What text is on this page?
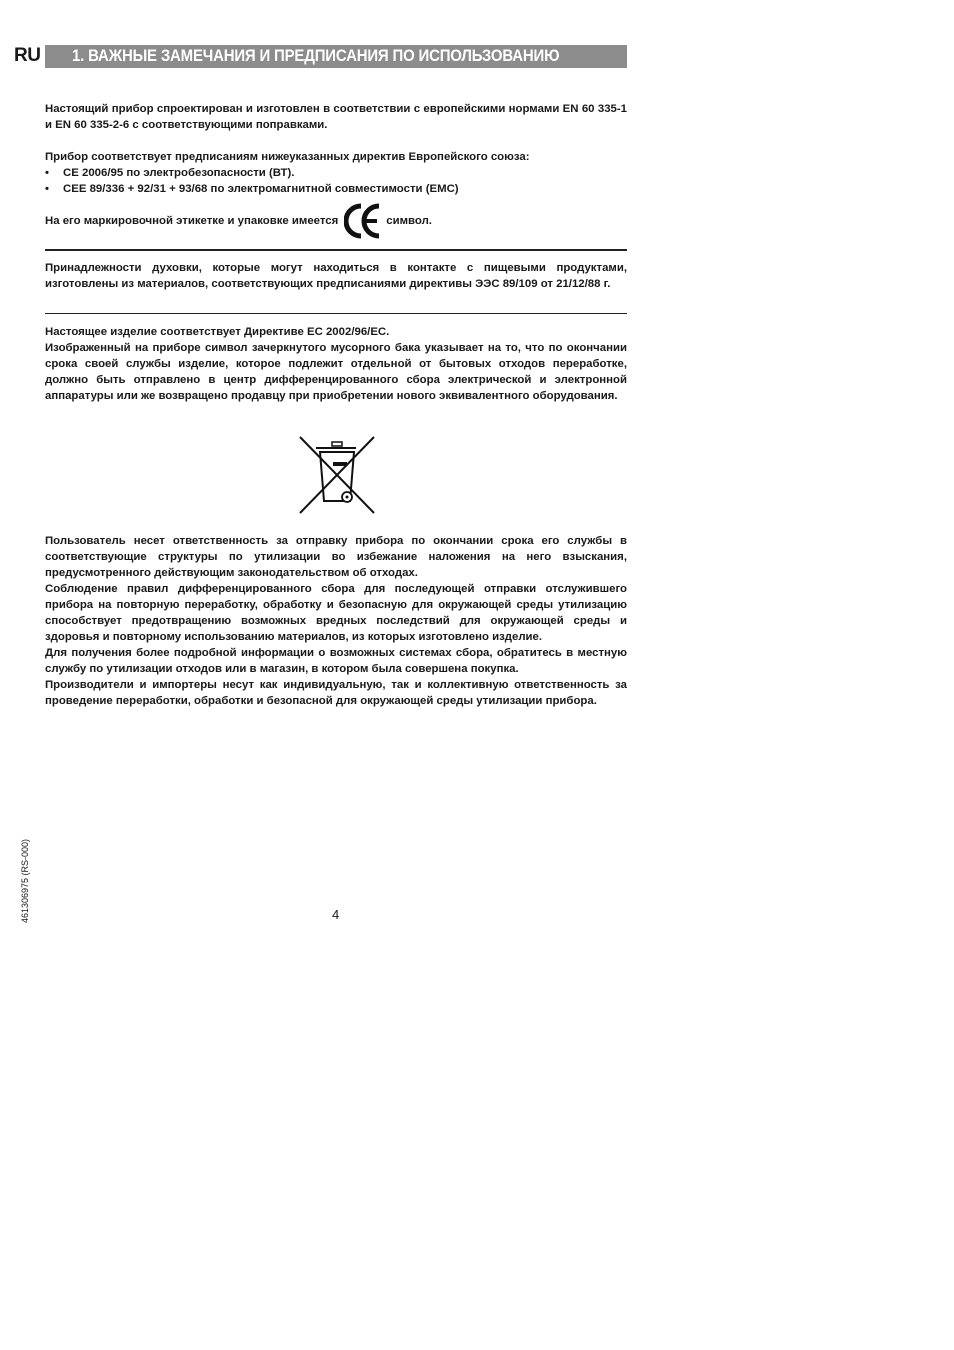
RU 1. ВАЖНЫЕ ЗАМЕЧАНИЯ И ПРЕДПИСАНИЯ ПО ИСПОЛЬЗОВАНИЮ
Настоящий прибор спроектирован и изготовлен в соответствии с европейскими нормами EN 60 335-1 и EN 60 335-2-6 с соответствующими поправками.

Прибор соответствует предписаниям нижеуказанных директив Европейского союза:

•	CE 2006/95 по электробезопасности (ВТ).
•	CEE 89/336 + 92/31 + 93/68 по электромагнитной совместимости (ЕМС)
На его маркировочной этикетке и упаковке имеется	символ.
Принадлежности духовки, которые могут находиться в контакте с пищевыми продуктами, изготовлены из материалов, соответствующих предписаниями директивы ЭЭС 89/109 от 21/12/88 г.

Настоящее изделие соответствует Директиве ЕС 2002/96/ЕС.

Изображенный на приборе символ зачеркнутого мусорного бака указывает на то, что по окончании срока своей службы изделие, которое подлежит отдельной от бытовых отходов переработке, должно быть отправлено в центр дифференцированного сбора электрической и электронной аппаратуры или же возвращено продавцу при приобретении нового эквивалентного оборудования.

Пользователь несет ответственность за отправку прибора по окончании срока его службы в соответствующие структуры по утилизации во избежание наложения на него взыскания, предусмотренного действующим законодательством об отходах.

Соблюдение правил дифференцированного сбора для последующей отправки отслужившего прибора на повторную переработку, обработку и безопасную для окружающей среды утилизацию способствует предотвращению возможных вредных последствий для окружающей среды и здоровья и повторному использованию материалов, из которых изготовлено изделие.

Для получения более подробной информации о возможных системах сбора, обратитесь в местную службу по утилизации отходов или в магазин, в котором была совершена покупка.

Производители и импортеры несут как индивидуальную, так и коллективную ответственность за проведение переработки, обработки и безопасной для окружающей среды утилизации прибора.

4
461306975 (RS-000)
